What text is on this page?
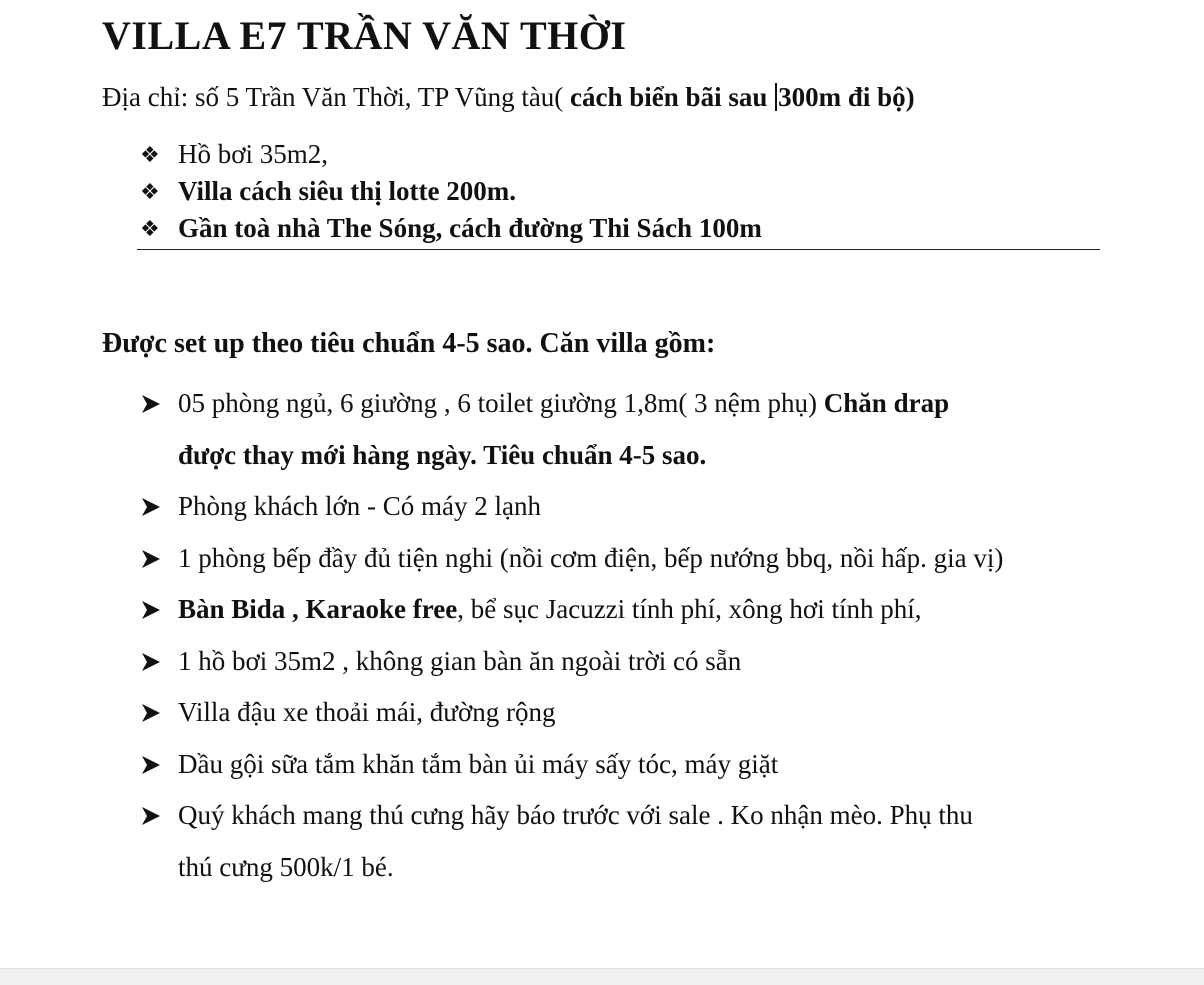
VILLA E7 TRẦN VĂN THỜI
Địa chỉ: số 5 Trần Văn Thời, TP Vũng tàu( cách biển bãi sau 300m đi bộ)
❖ Hồ bơi 35m2,
❖ Villa cách siêu thị lotte 200m.
❖ Gần toà nhà The Sóng, cách đường Thi Sách 100m
Được set up theo tiêu chuẩn 4-5 sao. Căn villa gồm:
05 phòng ngủ, 6 giường , 6 toilet giường 1,8m( 3 nệm phụ) Chăn drap
được thay mới hàng ngày. Tiêu chuẩn 4-5 sao.
Phòng khách lớn - Có máy 2 lạnh
1 phòng bếp đầy đủ tiện nghi (nồi cơm điện, bếp nướng bbq, nồi hấp. gia vị)
Bàn Bida , Karaoke free, bể sục Jacuzzi tính phí, xông hơi tính phí,
1 hồ bơi 35m2 , không gian bàn ăn ngoài trời có sẵn
Villa đậu xe thoải mái, đường rộng
Dầu gội sữa tắm khăn tắm bàn ủi máy sấy tóc, máy giặt
Quý khách mang thú cưng hãy báo trước với sale . Ko nhận mèo. Phụ thu
thú cưng 500k/1 bé.
